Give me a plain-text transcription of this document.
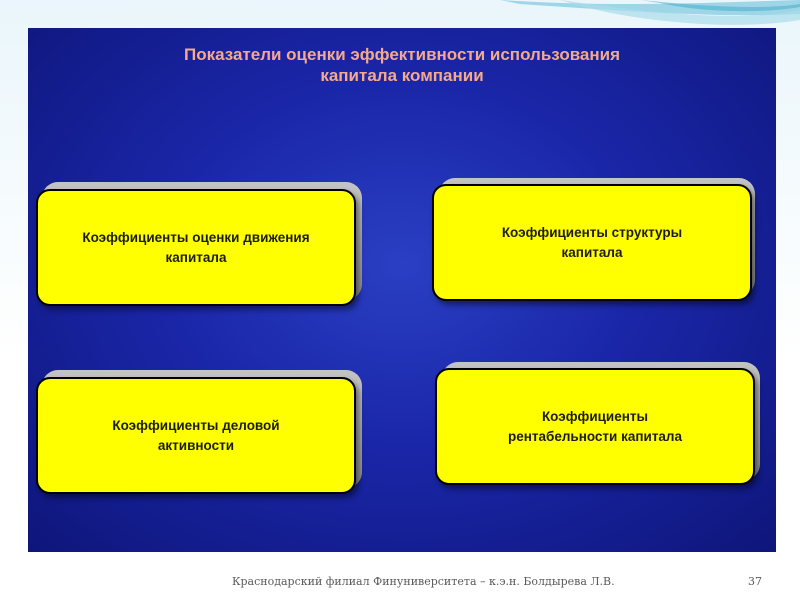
Показатели оценки эффективности использования
капитала компании
Коэффициенты оценки движения
капитала
Коэффициенты структуры
капитала
Коэффициенты деловой
активности
Коэффициенты
рентабельности капитала
Краснодарский филиал Финуниверситета – к.э.н. Болдырева Л.В.	37
